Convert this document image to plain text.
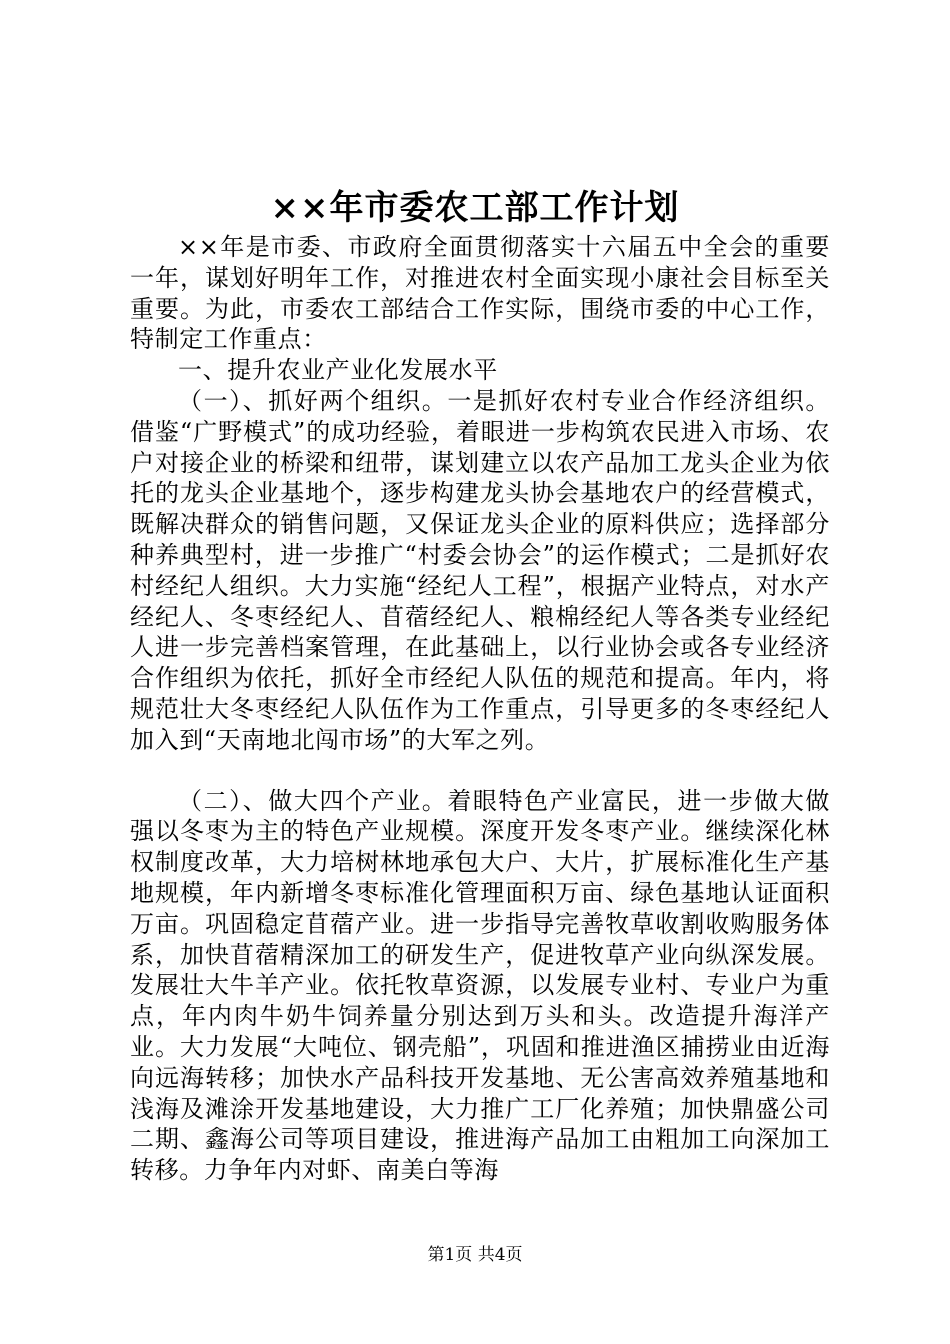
××年市委农工部工作计划

××年是市委、市政府全面贯彻落实十六届五中全会的重要一年，谋划好明年工作，对推进农村全面实现小康社会目标至关重要。为此，市委农工部结合工作实际，围绕市委的中心工作，特制定工作重点：

一、提升农业产业化发展水平

（一）、抓好两个组织。一是抓好农村专业合作经济组织。借鉴“广野模式”的成功经验，着眼进一步构筑农民进入市场、农户对接企业的桥梁和纽带，谋划建立以农产品加工龙头企业为依托的龙头企业基地个，逐步构建龙头协会基地农户的经营模式，既解决群众的销售问题，又保证龙头企业的原料供应；选择部分种养典型村，进一步推广“村委会协会”的运作模式；二是抓好农村经纪人组织。大力实施“经纪人工程”，根据产业特点，对水产经纪人、冬枣经纪人、苜蓿经纪人、粮棉经纪人等各类专业经纪人进一步完善档案管理，在此基础上，以行业协会或各专业经济合作组织为依托，抓好全市经纪人队伍的规范和提高。年内，将规范壮大冬枣经纪人队伍作为工作重点，引导更多的冬枣经纪人加入到“天南地北闯市场”的大军之列。

（二）、做大四个产业。着眼特色产业富民，进一步做大做强以冬枣为主的特色产业规模。深度开发冬枣产业。继续深化林权制度改革，大力培树林地承包大户、大片，扩展标准化生产基地规模，年内新增冬枣标准化管理面积万亩、绿色基地认证面积万亩。巩固稳定苜蓿产业。进一步指导完善牧草收割收购服务体系，加快苜蓿精深加工的研发生产，促进牧草产业向纵深发展。发展壮大牛羊产业。依托牧草资源，以发展专业村、专业户为重点，年内肉牛奶牛饲养量分别达到万头和头。改造提升海洋产业。大力发展“大吨位、钢壳船”，巩固和推进渔区捕捞业由近海向远海转移；加快水产品科技开发基地、无公害高效养殖基地和浅海及滩涂开发基地建设，大力推广工厂化养殖；加快鼎盛公司二期、鑫海公司等项目建设，推进海产品加工由粗加工向深加工转移。力争年内对虾、南美白等海

第1页 共4页
